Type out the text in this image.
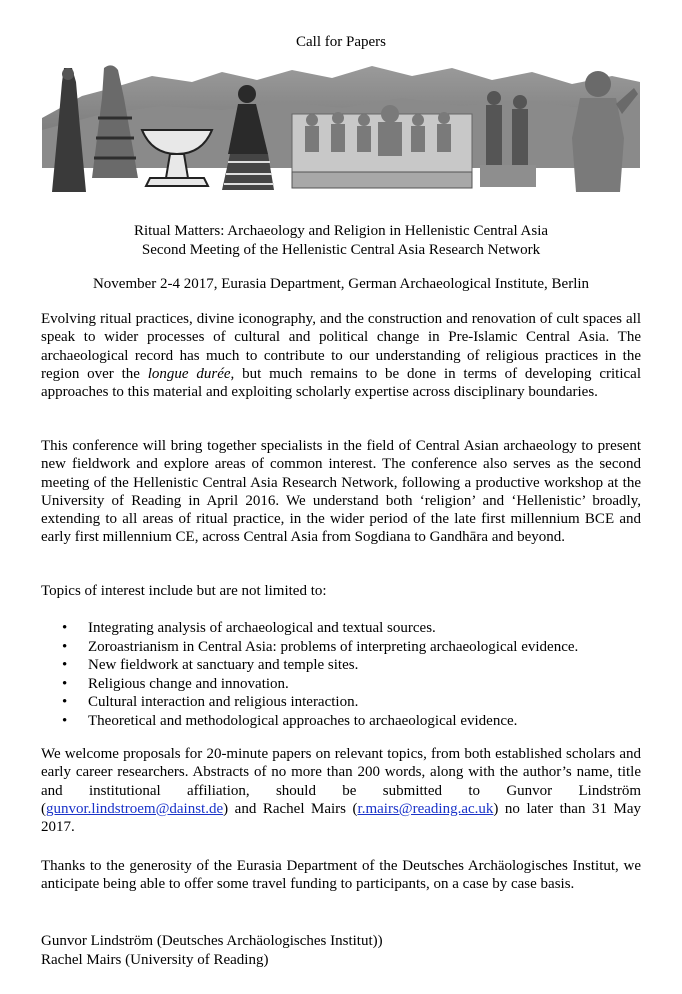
Call for Papers
Ritual Matters: Archaeology and Religion in Hellenistic Central Asia
Second Meeting of the Hellenistic Central Asia Research Network
November 2-4 2017, Eurasia Department, German Archaeological Institute, Berlin
Evolving ritual practices, divine iconography, and the construction and renovation of cult spaces all speak to wider processes of cultural and political change in Pre-Islamic Central Asia. The archaeological record has much to contribute to our understanding of religious practices in the region over the longue durée, but much remains to be done in terms of developing critical approaches to this material and exploiting scholarly expertise across disciplinary boundaries.
This conference will bring together specialists in the field of Central Asian archaeology to present new fieldwork and explore areas of common interest. The conference also serves as the second meeting of the Hellenistic Central Asia Research Network, following a productive workshop at the University of Reading in April 2016. We understand both ‘religion’ and ‘Hellenistic’ broadly, extending to all areas of ritual practice, in the wider period of the late first millennium BCE and early first millennium CE, across Central Asia from Sogdiana to Gandhāra and beyond.
Topics of interest include but are not limited to:
• Integrating analysis of archaeological and textual sources.
• Zoroastrianism in Central Asia: problems of interpreting archaeological evidence.
• New fieldwork at sanctuary and temple sites.
• Religious change and innovation.
• Cultural interaction and religious interaction.
• Theoretical and methodological approaches to archaeological evidence.
We welcome proposals for 20-minute papers on relevant topics, from both established scholars and early career researchers. Abstracts of no more than 200 words, along with the author’s name, title and institutional affiliation, should be submitted to Gunvor Lindström (gunvor.lindstroem@dainst.de) and Rachel Mairs (r.mairs@reading.ac.uk) no later than 31 May 2017.
Thanks to the generosity of the Eurasia Department of the Deutsches Archäologisches Institut, we anticipate being able to offer some travel funding to participants, on a case by case basis.
Gunvor Lindström (Deutsches Archäologisches Institut))
Rachel Mairs (University of Reading)
